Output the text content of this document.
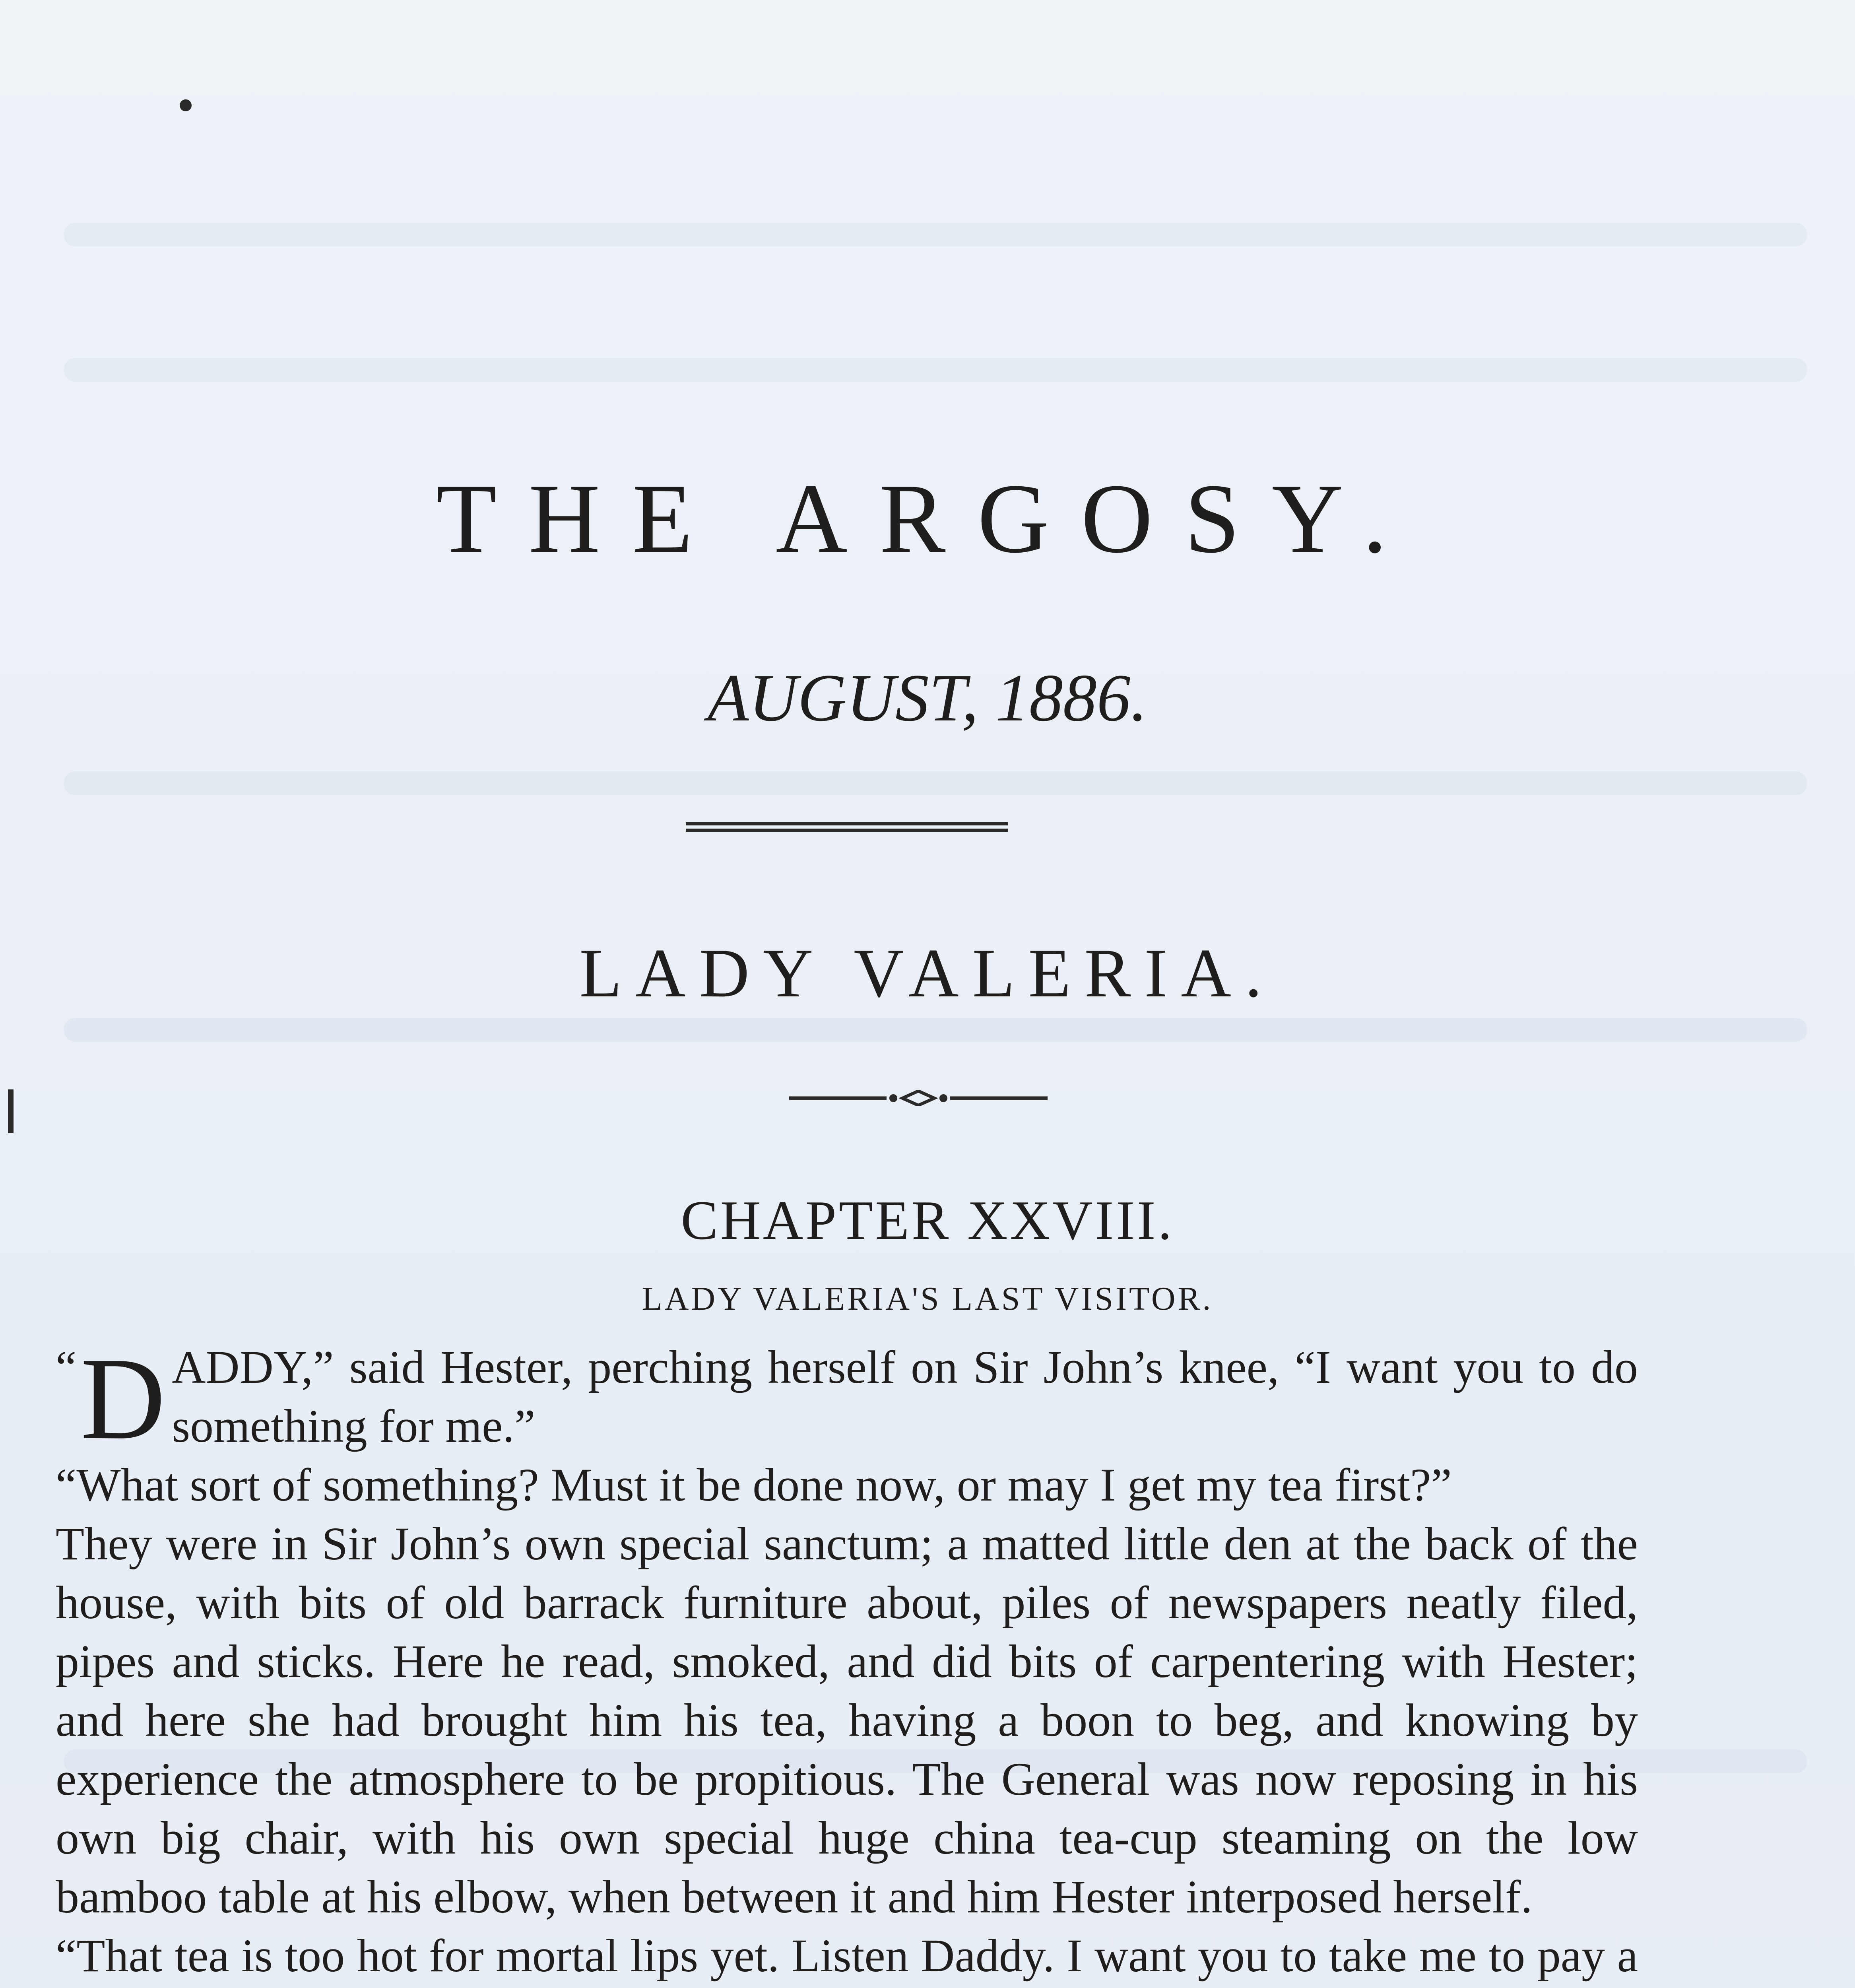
THE ARGOSY.
AUGUST, 1886.
LADY VALERIA.
CHAPTER XXVIII.
LADY VALERIA'S LAST VISITOR.

“ D ADDY,” said Hester, perching herself on Sir John’s knee, “I want you to do something for me.”

“What sort of something? Must it be done now, or may I get my tea first?”

They were in Sir John’s own special sanctum; a matted little den at the back of the house, with bits of old barrack furniture about, piles of newspapers neatly filed, pipes and sticks. Here he read, smoked, and did bits of carpentering with Hester; and here she had brought him his tea, having a boon to beg, and knowing by experience the atmosphere to be propitious. The General was now reposing in his own big chair, with his own special huge china tea-cup steaming on the low bamboo table at his elbow, when between it and him Hester interposed herself.

“That tea is too hot for mortal lips yet. Listen Daddy. I want you to take me to pay a
